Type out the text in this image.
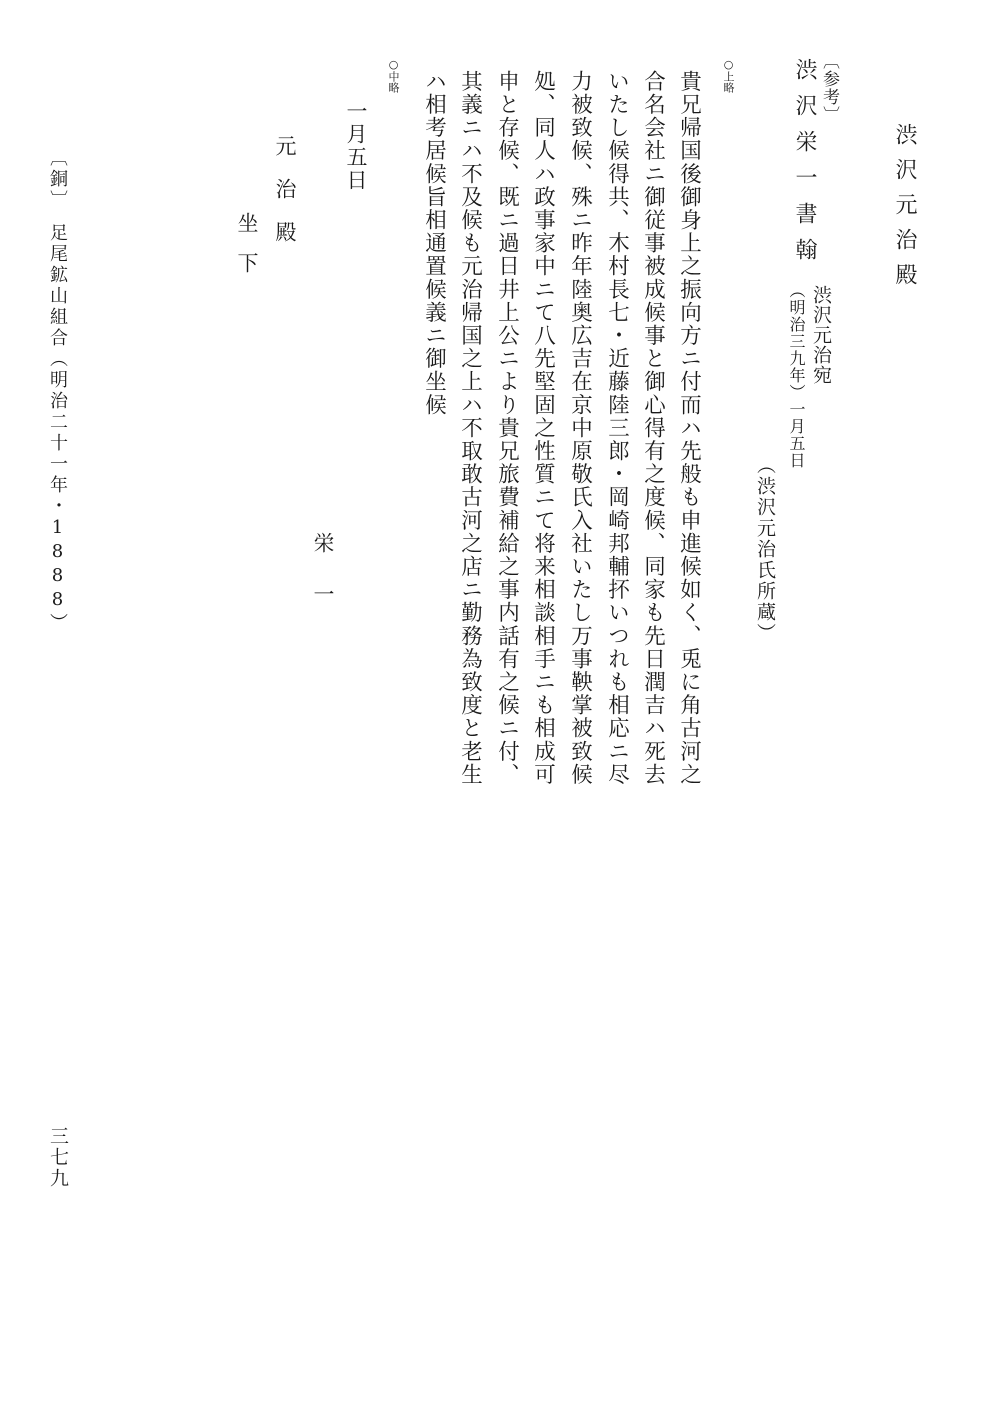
渋沢元治殿
〔参考〕
渋沢栄一書翰
渋沢元治宛
（明治三九年）一月五日
（渋沢元治氏所蔵）
○上略
貴兄帰国後御身上之振向方ニ付而ハ先般も申進候如く、兎に角古河之
合名会社ニ御従事被成候事と御心得有之度候、同家も先日潤吉ハ死去
いたし候得共、木村長七・近藤陸三郎・岡崎邦輔抔いつれも相応ニ尽
力被致候、殊ニ昨年陸奥広吉在京中原敬氏入社いたし万事鞅掌被致候
処、同人ハ政事家中ニて八先堅固之性質ニて将来相談相手ニも相成可
申と存候、既ニ過日井上公ニより貴兄旅費補給之事内話有之候ニ付、
其義ニハ不及候も元治帰国之上ハ不取敢古河之店ニ勤務為致度と老生
ハ相考居候旨相通置候義ニ御坐候
○中略
一月五日
栄一
元治殿
坐下
〔銅〕　足尾鉱山組合（明治二十一年・1888）
三七九
